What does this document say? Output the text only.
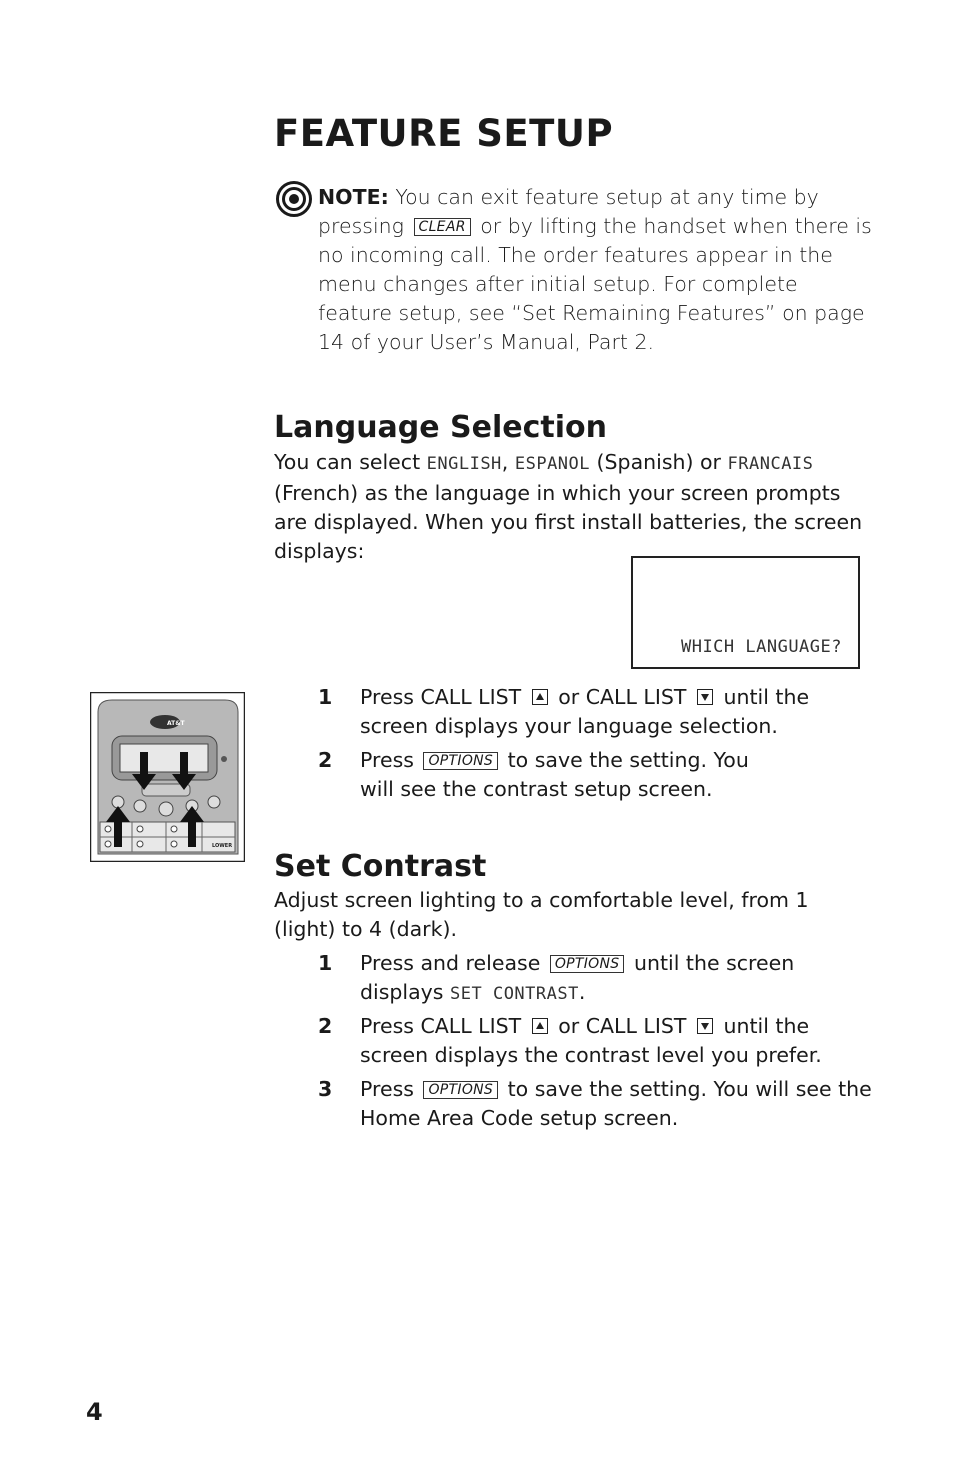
FEATURE SETUP
NOTE: You can exit feature setup at any time by pressing CLEAR or by lifting the handset when there is no incoming call. The order features appear in the menu changes after initial setup. For complete feature setup, see “Set Remaining Features” on page 14 of your User’s Manual, Part 2.
Language Selection
You can select ENGLISH, ESPANOL (Spanish) or FRANCAIS (French) as the language in which your screen prompts are displayed. When you first install batteries, the screen displays:
WHICH LANGUAGE?
AT&T
LOWER
1 Press CALL LIST or CALL LIST until the screen displays your language selection.
2 Press OPTIONS to save the setting. You will see the contrast setup screen.
Set Contrast
Adjust screen lighting to a comfortable level, from 1 (light) to 4 (dark).
1 Press and release OPTIONS until the screen displays SET CONTRAST.
2 Press CALL LIST or CALL LIST until the screen displays the contrast level you prefer.
3 Press OPTIONS to save the setting. You will see the Home Area Code setup screen.
4
